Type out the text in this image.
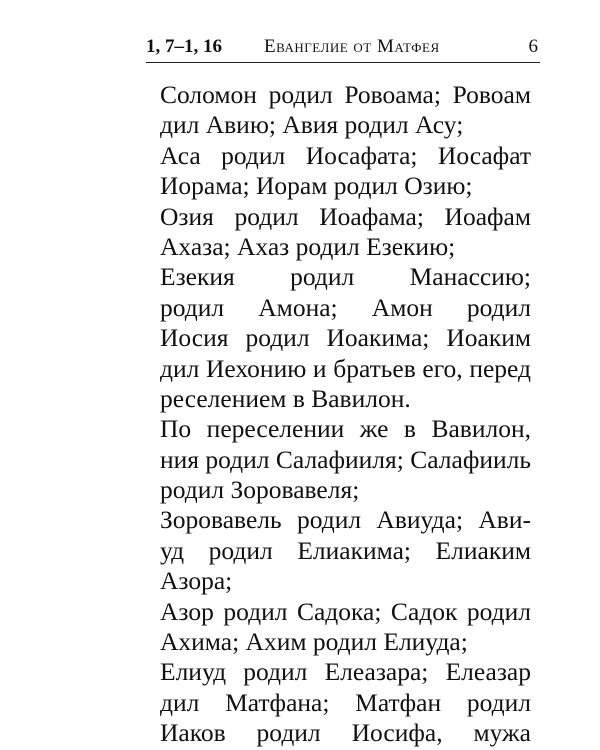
1, 7–1, 16 Евангелие от Матфея	6
Соломон родил Ровоама; Ровоам
дил Авию; Авия родил Асу;
Аса родил Иосафата; Иосафат
Иорама; Иорам родил Озию;
Озия родил Иоафама; Иоафам
Ахаза; Ахаз родил Езекию;
Езекия родил Манассию;
родил Амона; Амон родил
Иосия родил Иоакима; Иоаким
дил Иехонию и братьев его, перед
реселением в Вавилон.
По переселении же в Вавилон,
ния родил Салафииля; Салафииль
родил Зоровавеля;
Зоровавель родил Авиуда; Ави-
уд родил Елиакима; Елиаким
Азора;
Азор родил Садока; Садок родил
Ахима; Ахим родил Елиуда;
Елиуд родил Елеазара; Елеазар
дил Матфана; Матфан родил
Иаков родил Иосифа, мужа
